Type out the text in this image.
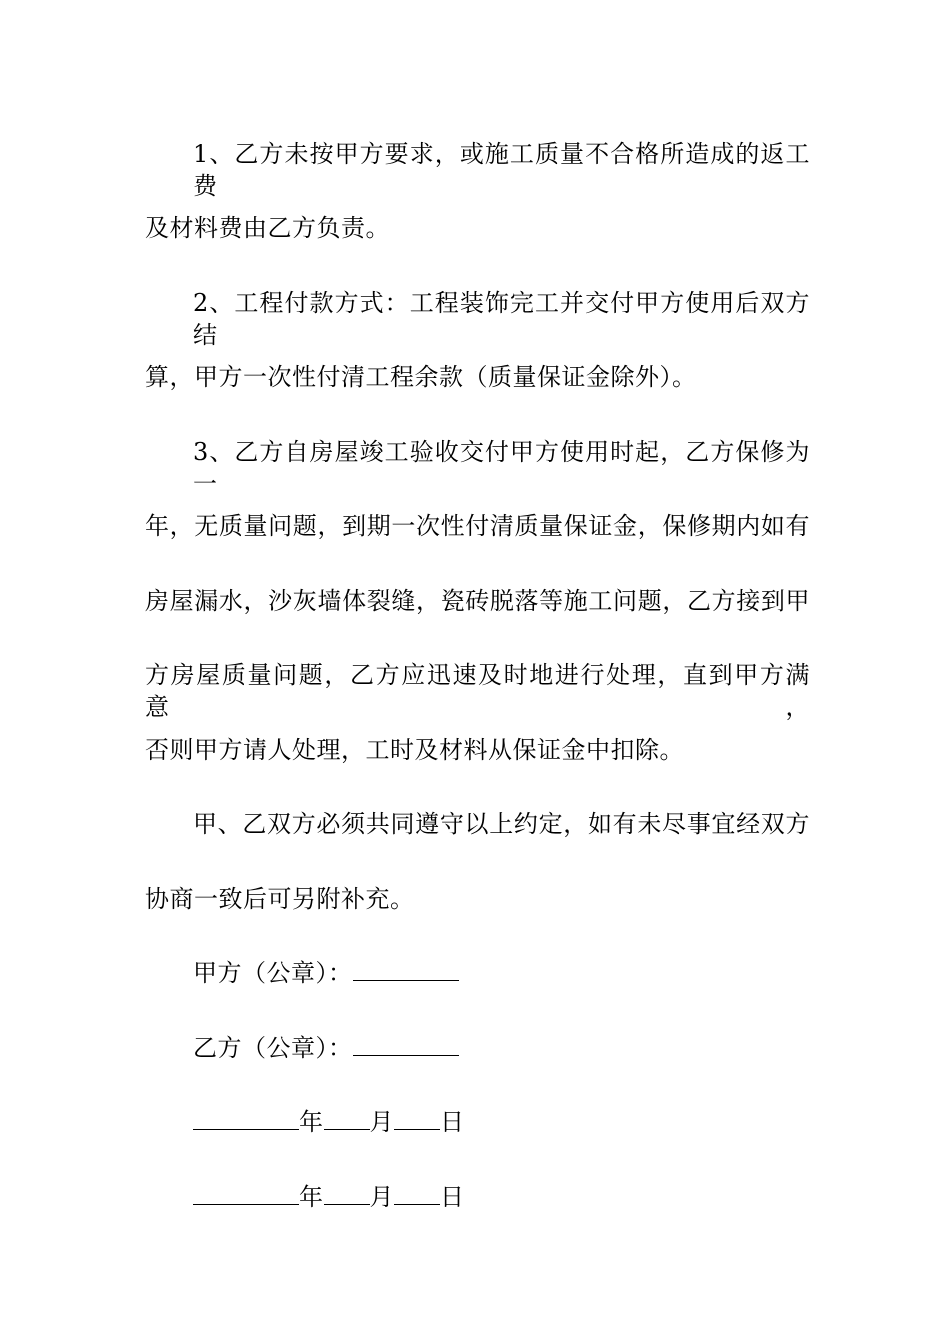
1、乙方未按甲方要求，或施工质量不合格所造成的返工费
及材料费由乙方负责。
2、工程付款方式：工程装饰完工并交付甲方使用后双方结
算，甲方一次性付清工程余款（质量保证金除外）。
3、乙方自房屋竣工验收交付甲方使用时起，乙方保修为一
年，无质量问题，到期一次性付清质量保证金，保修期内如有
房屋漏水，沙灰墙体裂缝，瓷砖脱落等施工问题，乙方接到甲
方房屋质量问题，乙方应迅速及时地进行处理，直到甲方满意，
否则甲方请人处理，工时及材料从保证金中扣除。
甲、乙双方必须共同遵守以上约定，如有未尽事宜经双方
协商一致后可另附补充。
甲方（公章）：
乙方（公章）：
年 月 日
年 月 日
